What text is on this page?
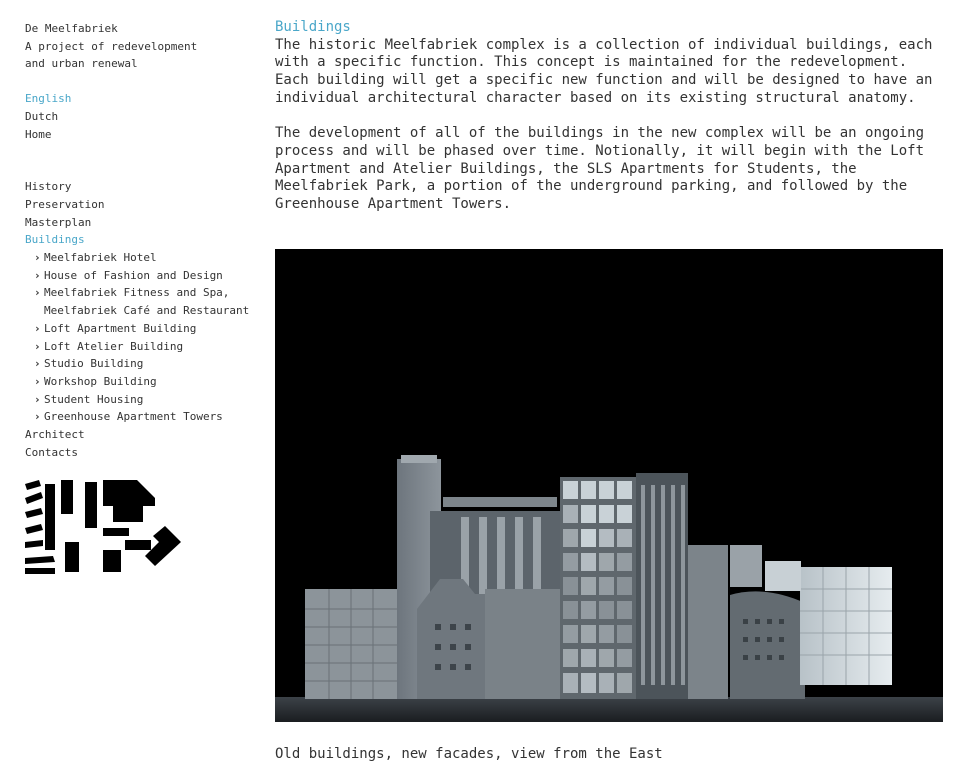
De Meelfabriek
A project of redevelopment
and urban renewal
English
Dutch
Home
History
Preservation
Masterplan
Buildings
› Meelfabriek Hotel
› House of Fashion and Design
› Meelfabriek Fitness and Spa, Meelfabriek Café and Restaurant
› Loft Apartment Building
› Loft Atelier Building
› Studio Building
› Workshop Building
› Student Housing
› Greenhouse Apartment Towers
Architect
Contacts
Buildings

The historic Meelfabriek complex is a collection of individual buildings, each with a specific function. This concept is maintained for the redevelopment. Each building will get a specific new function and will be designed to have an individual architectural character based on its existing structural anatomy.

The development of all of the buildings in the new complex will be an ongoing process and will be phased over time. Notionally, it will begin with the Loft Apartment and Atelier Buildings, the SLS Apartments for Students, the Meelfabriek Park, a portion of the underground parking, and followed by the Greenhouse Apartment Towers.

Old buildings, new facades, view from the East
